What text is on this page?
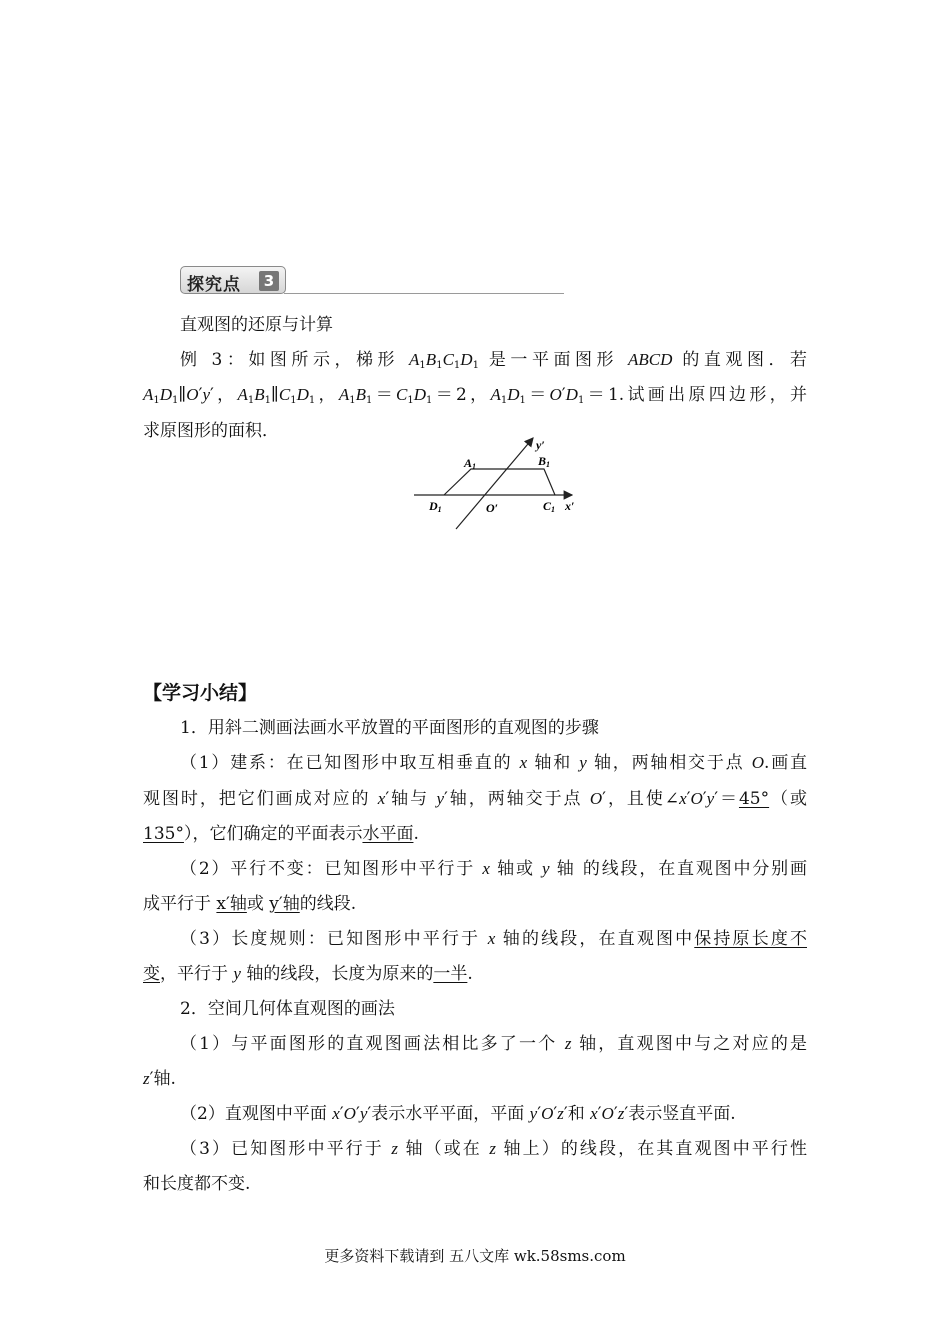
探究点	3
直观图的还原与计算
例 3：如图所示，梯形 $A_1B_1C_1D_1$ 是一平面图形 ABCD 的直观图．若
$A_1D_1\parallel O'y'$，$A_1B_1\parallel C_1D_1$，$A_1B_1=C_1D_1=2$，$A_1D_1=O'D_1=1$.试画出原四边形，并
求原图形的面积．
A1	B1
C1
D1	O′	x′
y′
【学习小结】
1．用斜二测画法画水平放置的平面图形的直观图的步骤
（1）建系：在已知图形中取互相垂直的 x 轴和 y 轴，两轴相交于点 O.画直
观图时，把它们画成对应的 x′轴与 y′轴，两轴交于点 O′，且使∠x′O′y′＝45°（或
135°），它们确定的平面表示水平面.
（2）平行不变：已知图形中平行于 x 轴或 y 轴 的线段，在直观图中分别画
成平行于 x′轴或 y′轴的线段.
（3）长度规则：已知图形中平行于 x 轴的线段，在直观图中保持原长度不
变，平行于 y 轴的线段，长度为原来的一半.
2．空间几何体直观图的画法
（1）与平面图形的直观图画法相比多了一个 z 轴，直观图中与之对应的是
z′轴.
（2）直观图中平面 x′O′y′表示水平平面，平面 y′O′z′和 x′O′z′表示竖直平面.
（3）已知图形中平行于 z 轴（或在 z 轴上）的线段，在其直观图中平行性
和长度都不变.
更多资料下载请到 五八文库 wk.58sms.com
